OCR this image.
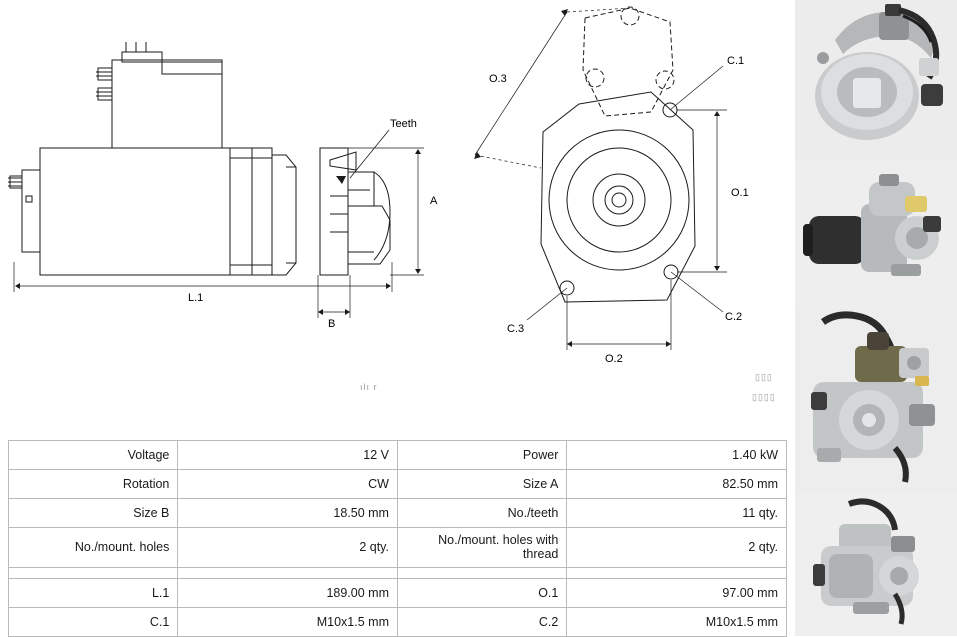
Teeth
A
L.1
B
O.3
O.1
O.2
C.1
C.2
C.3
ılı r
▯▯▯
▯▯▯▯
Voltage	12 V	Power	1.40 kW
Rotation	CW	Size A	82.50 mm
Size B	18.50 mm	No./teeth	11 qty.
No./mount. holes	2 qty.	No./mount. holes with thread	2 qty.

L.1	189.00 mm	O.1	97.00 mm
C.1	M10x1.5 mm	C.2	M10x1.5 mm
